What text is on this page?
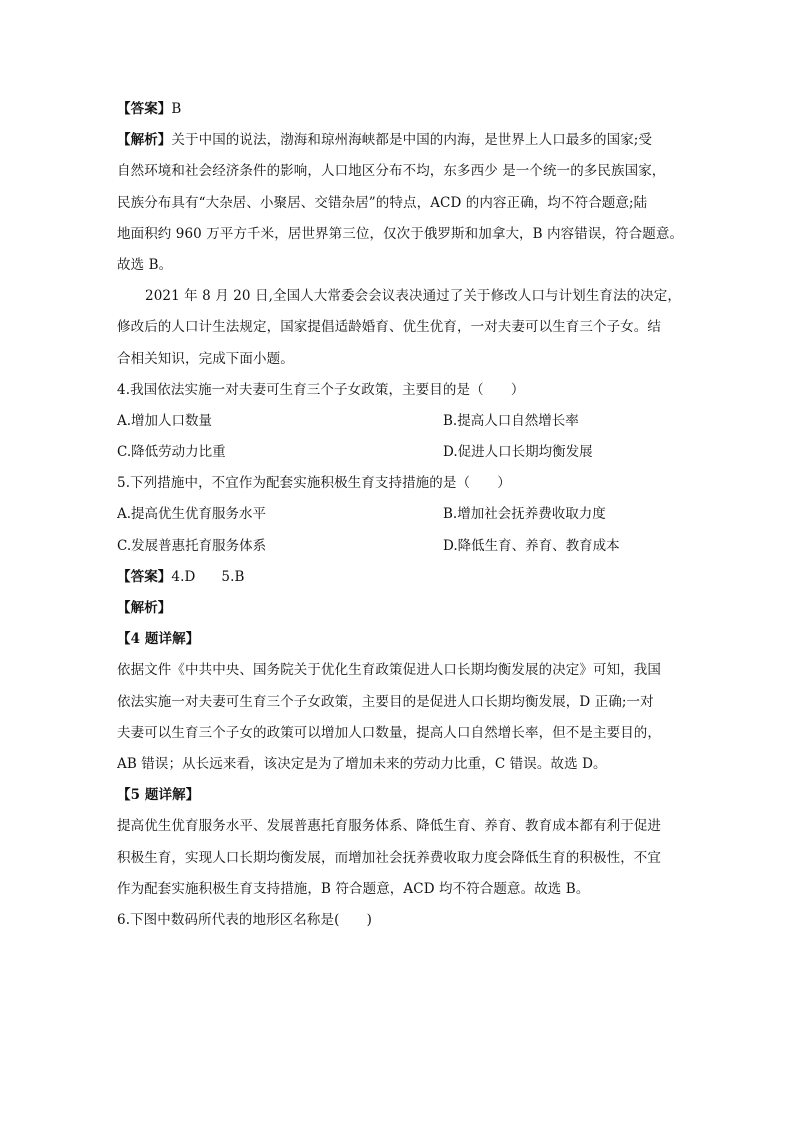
【答案】B
【解析】关于中国的说法，渤海和琼州海峡都是中国的内海，是世界上人口最多的国家;受
自然环境和社会经济条件的影响，人口地区分布不均，东多西少 是一个统一的多民族国家，
民族分布具有“大杂居、小聚居、交错杂居”的特点，ACD 的内容正确，均不符合题意;陆
地面积约 960 万平方千米，居世界第三位，仅次于俄罗斯和加拿大，B 内容错误，符合题意。
故选 B。
2021 年 8 月 20 日,全国人大常委会会议表决通过了关于修改人口与计划生育法的决定，
修改后的人口计生法规定，国家提倡适龄婚育、优生优育，一对夫妻可以生育三个子女。结
合相关知识，完成下面小题。
4.我国依法实施一对夫妻可生育三个子女政策，主要目的是（　　）
A.增加人口数量	B.提高人口自然增长率
C.降低劳动力比重	D.促进人口长期均衡发展
5.下列措施中，不宜作为配套实施积极生育支持措施的是（　　）
A.提高优生优育服务水平	B.增加社会抚养费收取力度
C.发展普惠托育服务体系	D.降低生育、养育、教育成本
【答案】4.D 5.B
【解析】
【4 题详解】
依据文件《中共中央、国务院关于优化生育政策促进人口长期均衡发展的决定》可知，我国
依法实施一对夫妻可生育三个子女政策，主要目的是促进人口长期均衡发展，D 正确;一对
夫妻可以生育三个子女的政策可以增加人口数量，提高人口自然增长率，但不是主要目的，
AB 错误；从长远来看，该决定是为了增加未来的劳动力比重，C 错误。故选 D。
【5 题详解】
提高优生优育服务水平、发展普惠托育服务体系、降低生育、养育、教育成本都有利于促进
积极生育，实现人口长期均衡发展，而增加社会抚养费收取力度会降低生育的积极性，不宜
作为配套实施积极生育支持措施，B 符合题意，ACD 均不符合题意。故选 B。
6.下图中数码所代表的地形区名称是(　　)
